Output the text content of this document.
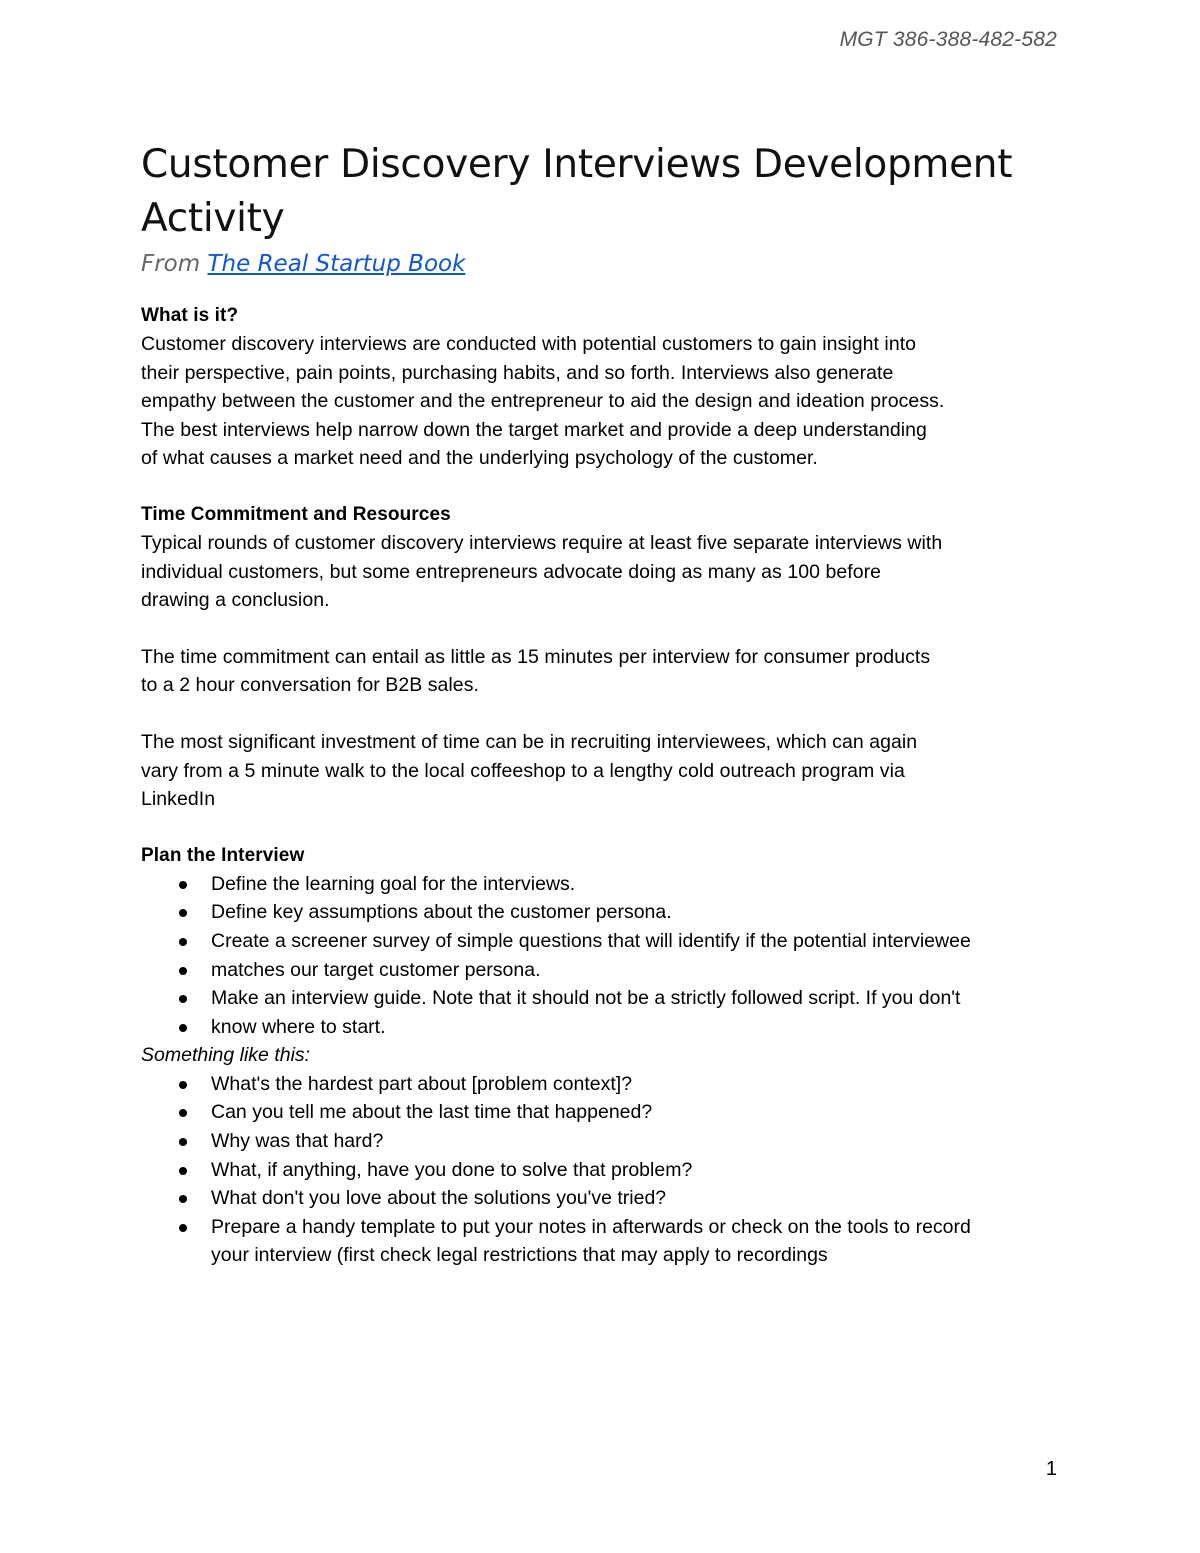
MGT 386-388-482-582
Customer Discovery Interviews Development Activity

From The Real Startup Book

What is it?

Customer discovery interviews are conducted with potential customers to gain insight into

their perspective, pain points, purchasing habits, and so forth. Interviews also generate

empathy between the customer and the entrepreneur to aid the design and ideation process.

The best interviews help narrow down the target market and provide a deep understanding

of what causes a market need and the underlying psychology of the customer.

Time Commitment and Resources

Typical rounds of customer discovery interviews require at least five separate interviews with

individual customers, but some entrepreneurs advocate doing as many as 100 before

drawing a conclusion.

The time commitment can entail as little as 15 minutes per interview for consumer products

to a 2 hour conversation for B2B sales.

The most significant investment of time can be in recruiting interviewees, which can again

vary from a 5 minute walk to the local coffeeshop to a lengthy cold outreach program via

LinkedIn

Plan the Interview
Define the learning goal for the interviews.
Define key assumptions about the customer persona.
Create a screener survey of simple questions that will identify if the potential interviewee
matches our target customer persona.
Make an interview guide. Note that it should not be a strictly followed script. If you don't
know where to start.

Something like this:

What's the hardest part about [problem context]?
Can you tell me about the last time that happened?
Why was that hard?
What, if anything, have you done to solve that problem?
What don't you love about the solutions you've tried?
Prepare a handy template to put your notes in afterwards or check on the tools to record
your interview (first check legal restrictions that may apply to recordings
1
